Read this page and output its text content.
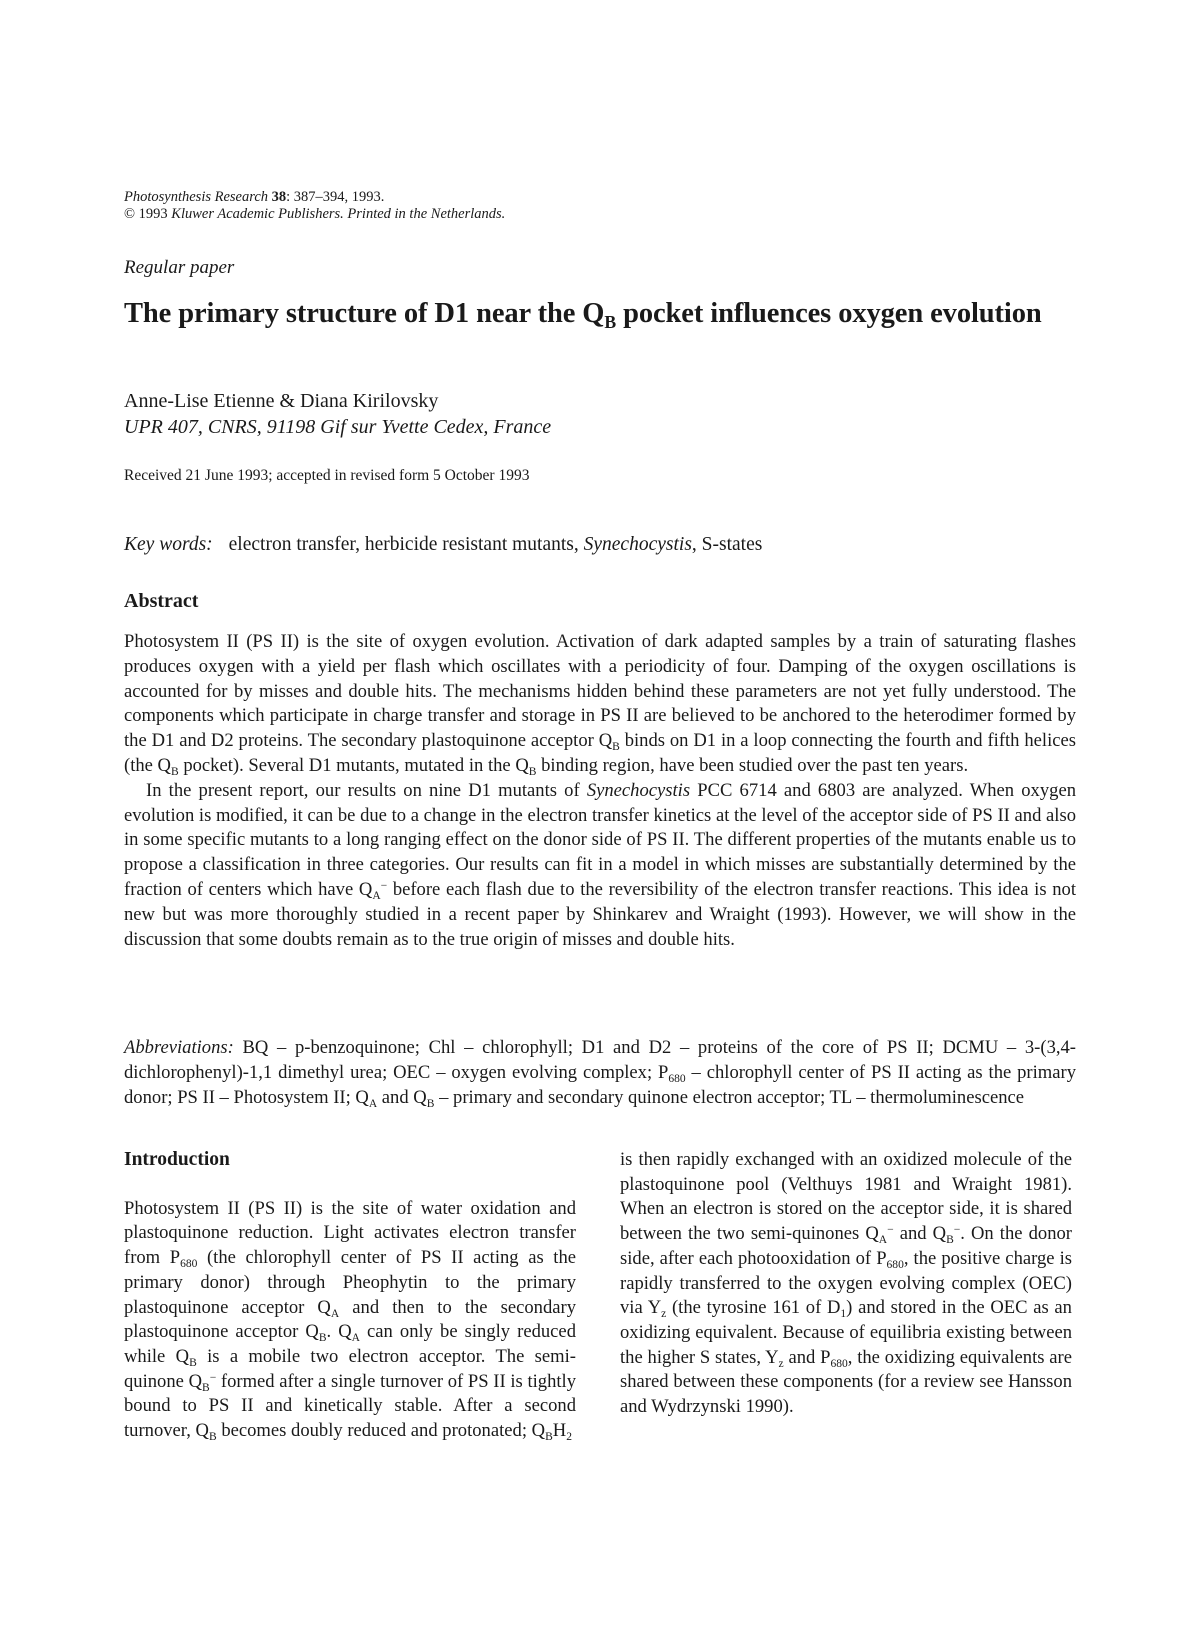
Photosynthesis Research 38: 387–394, 1993.
© 1993 Kluwer Academic Publishers. Printed in the Netherlands.
Regular paper
The primary structure of D1 near the $Q_B$ pocket influences oxygen evolution
Anne-Lise Etienne & Diana Kirilovsky
UPR 407, CNRS, 91198 Gif sur Yvette Cedex, France
Received 21 June 1993; accepted in revised form 5 October 1993
Key words: electron transfer, herbicide resistant mutants, Synechocystis, S-states
Abstract

Photosystem II (PS II) is the site of oxygen evolution. Activation of dark adapted samples by a train of saturating flashes produces oxygen with a yield per flash which oscillates with a periodicity of four. Damping of the oxygen oscillations is accounted for by misses and double hits. The mechanisms hidden behind these parameters are not yet fully understood. The components which participate in charge transfer and storage in PS II are believed to be anchored to the heterodimer formed by the D1 and D2 proteins. The secondary plastoquinone acceptor $Q_B$ binds on D1 in a loop connecting the fourth and fifth helices (the $Q_B$ pocket). Several D1 mutants, mutated in the $Q_B$ binding region, have been studied over the past ten years.

In the present report, our results on nine D1 mutants of Synechocystis PCC 6714 and 6803 are analyzed. When oxygen evolution is modified, it can be due to a change in the electron transfer kinetics at the level of the acceptor side of PS II and also in some specific mutants to a long ranging effect on the donor side of PS II. The different properties of the mutants enable us to propose a classification in three categories. Our results can fit in a model in which misses are substantially determined by the fraction of centers which have $Q_A^-$ before each flash due to the reversibility of the electron transfer reactions. This idea is not new but was more thoroughly studied in a recent paper by Shinkarev and Wraight (1993). However, we will show in the discussion that some doubts remain as to the true origin of misses and double hits.

Abbreviations: BQ – p-benzoquinone; Chl – chlorophyll; D1 and D2 – proteins of the core of PS II; DCMU – 3-(3,4-dichlorophenyl)-1,1 dimethyl urea; OEC – oxygen evolving complex; $P_{680}$ – chlorophyll center of PS II acting as the primary donor; PS II – Photosystem II; $Q_A$ and $Q_B$ – primary and secondary quinone electron acceptor; TL – thermoluminescence
Introduction

Photosystem II (PS II) is the site of water oxidation and plastoquinone reduction. Light activates electron transfer from $P_{680}$ (the chlorophyll center of PS II acting as the primary donor) through Pheophytin to the primary plastoquinone acceptor $Q_A$ and then to the secondary plastoquinone acceptor $Q_B$. $Q_A$ can only be singly reduced while $Q_B$ is a mobile two electron acceptor. The semi-quinone $Q_B^-$ formed after a single turnover of PS II is tightly bound to PS II and kinetically stable. After a second turnover, $Q_B$ becomes doubly reduced and protonated; $Q_BH_2$

is then rapidly exchanged with an oxidized molecule of the plastoquinone pool (Velthuys 1981 and Wraight 1981). When an electron is stored on the acceptor side, it is shared between the two semi-quinones $Q_A^-$ and $Q_B^-$. On the donor side, after each photooxidation of $P_{680}$, the positive charge is rapidly transferred to the oxygen evolving complex (OEC) via $Y_z$ (the tyrosine 161 of $D_1$) and stored in the OEC as an oxidizing equivalent. Because of equilibria existing between the higher S states, $Y_z$ and $P_{680}$, the oxidizing equivalents are shared between these components (for a review see Hansson and Wydrzynski 1990).
